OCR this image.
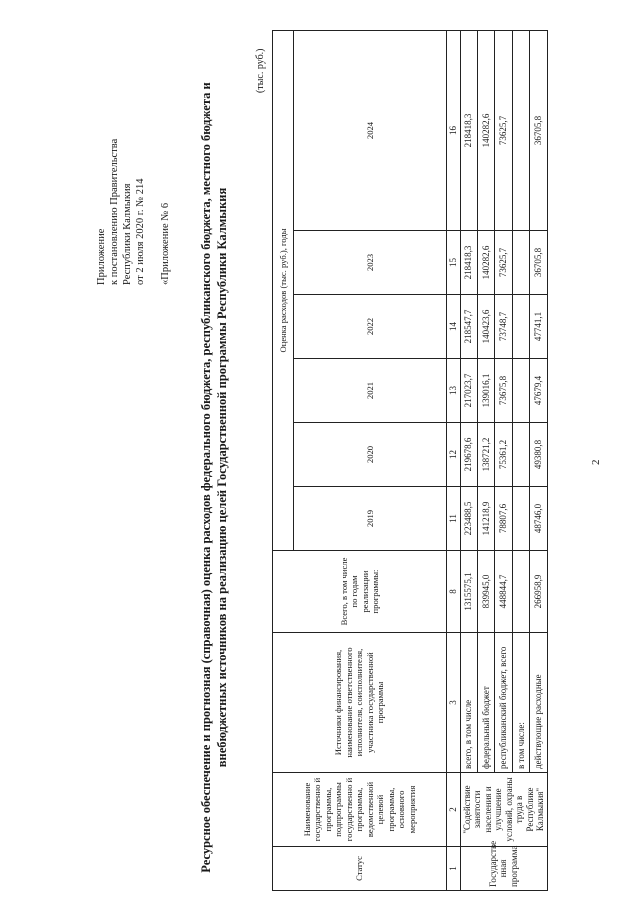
2
Приложение к постановлению Правительства Республики Калмыкия от 2 июля 2020 г. № 214 «Приложение № 6 Ресурсное обеспечение и прогнозная (справочная) оценка расходов федерального бюджета, республиканского бюджета, местного бюджета и внебюджетных источников на реализацию целей Государственной программы Республики Калмыкия
(тыс. руб.)
Статус	Наименование государственно й программы, подпрограммы государственно й программы, ведомственной целевой программы, основного мероприятия	Источники финансирования, наименование ответственного исполнителя, соисполнителя, участника государственной программы	Всего, в том числе по годам реализации программы:	Оценка расходов (тыс. руб.), годы					
				2019	2020	2021	2022	2023	2024
1	2	3	8	11	12	13	14	15	16
Государстве нная программа	"Содействие занятости населения и улучшение условий, охраны труда в Республике Калмыкия"	всего, в том числе	1315575,1	223488,5	219678,6	217023,7	218547,7	218418,3	218418,3
		федеральный бюджет	839945,0	141218,9	138721,2	139016,1	140423,6	140282,6	140282,6
		республиканский бюджет, всего	448844,7	78807,6	75361,2	73675,8	73748,7	73625,7	73625,7
		в том числе:							
		действующие расходные	266958,9	48746,0	49380,8	47679,4	47741,1	36705,8	36705,8
